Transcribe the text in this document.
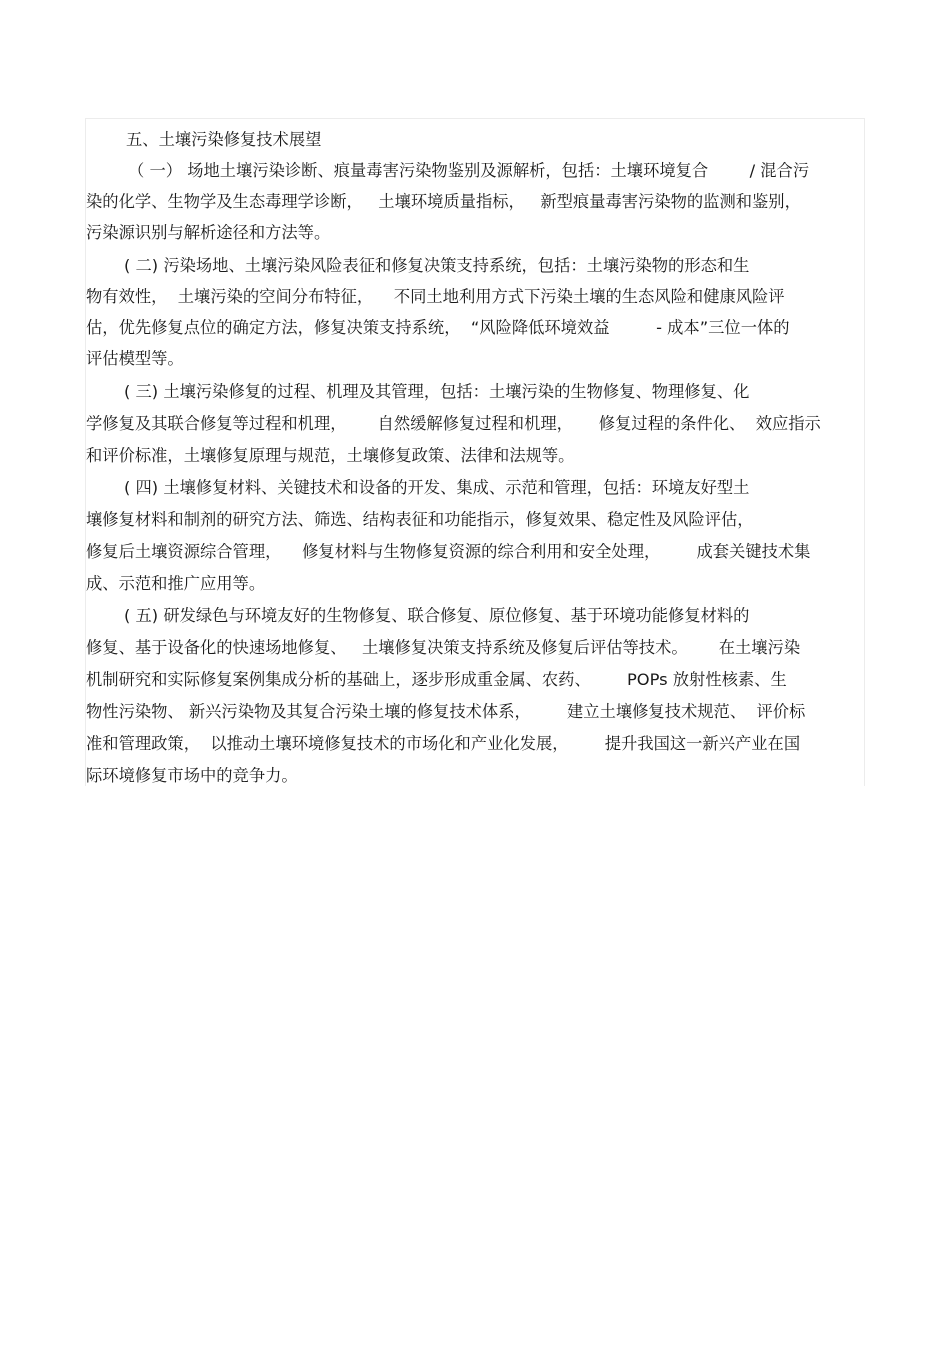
五、土壤污染修复技术展望
（ 一） 场地土壤污染诊断、痕量毒害污染物鉴别及源解析，包括：土壤环境复合        / 混合污
染的化学、生物学及生态毒理学诊断，   土壤环境质量指标，   新型痕量毒害污染物的监测和鉴别，
污染源识别与解析途径和方法等。
( 二) 污染场地、土壤污染风险表征和修复决策支持系统，包括：土壤污染物的形态和生
物有效性，  土壤污染的空间分布特征，    不同土地利用方式下污染土壤的生态风险和健康风险评
估，优先修复点位的确定方法，修复决策支持系统，  “风险降低环境效益         - 成本”三位一体的
评估模型等。
( 三) 土壤污染修复的过程、机理及其管理，包括：土壤污染的生物修复、物理修复、化
学修复及其联合修复等过程和机理，      自然缓解修复过程和机理，     修复过程的条件化、  效应指示
和评价标准，土壤修复原理与规范，土壤修复政策、法律和法规等。
( 四) 土壤修复材料、关键技术和设备的开发、集成、示范和管理，包括：环境友好型土
壤修复材料和制剂的研究方法、筛选、结构表征和功能指示，修复效果、稳定性及风险评估，
修复后土壤资源综合管理，    修复材料与生物修复资源的综合利用和安全处理，       成套关键技术集
成、示范和推广应用等。
( 五) 研发绿色与环境友好的生物修复、联合修复、原位修复、基于环境功能修复材料的
修复、基于设备化的快速场地修复、   土壤修复决策支持系统及修复后评估等技术。      在土壤污染
机制研究和实际修复案例集成分析的基础上，逐步形成重金属、农药、       POPs 放射性核素、生
物性污染物、 新兴污染物及其复合污染土壤的修复技术体系，       建立土壤修复技术规范、  评价标
准和管理政策，  以推动土壤环境修复技术的市场化和产业化发展，       提升我国这一新兴产业在国
际环境修复市场中的竞争力。
